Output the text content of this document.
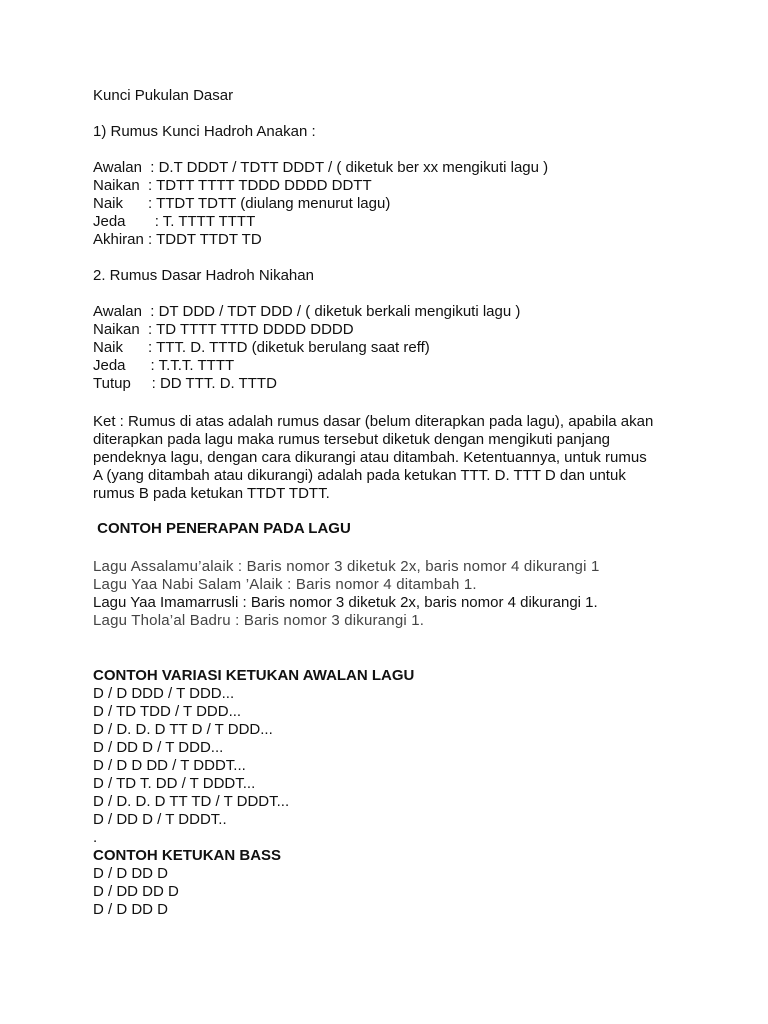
Kunci Pukulan Dasar
1) Rumus Kunci Hadroh Anakan :
Awalan  : D.T DDDT / TDTT DDDT / ( diketuk ber xx mengikuti lagu )
Naikan  : TDTT TTTT TDDD DDDD DDTT
Naik      : TTDT TDTT (diulang menurut lagu)
Jeda       : T. TTTT TTTT
Akhiran : TDDT TTDT TD
2. Rumus Dasar Hadroh Nikahan
Awalan  : DT DDD / TDT DDD / ( diketuk berkali mengikuti lagu )
Naikan  : TD TTTT TTTD DDDD DDDD
Naik      : TTT. D. TTTD (diketuk berulang saat reff)
Jeda      : T.T.T. TTTT
Tutup     : DD TTT. D. TTTD
Ket : Rumus di atas adalah rumus dasar (belum diterapkan pada lagu), apabila akan
diterapkan pada lagu maka rumus tersebut diketuk dengan mengikuti panjang
pendeknya lagu, dengan cara dikurangi atau ditambah. Ketentuannya, untuk rumus
A (yang ditambah atau dikurangi) adalah pada ketukan TTT. D. TTT D dan untuk
rumus B pada ketukan TTDT TDTT.
CONTOH PENERAPAN PADA LAGU
Lagu Assalamu’alaik : Baris nomor 3 diketuk 2x, baris nomor 4 dikurangi 1
Lagu Yaa Nabi Salam ’Alaik : Baris nomor 4 ditambah 1.
Lagu Yaa Imamarrusli : Baris nomor 3 diketuk 2x, baris nomor 4 dikurangi 1.
Lagu Thola’al Badru : Baris nomor 3 dikurangi 1.
CONTOH VARIASI KETUKAN AWALAN LAGU
D / D DDD / T DDD...
D / TD TDD / T DDD...
D / D. D. D TT D / T DDD...
D / DD D / T DDD...
D / D D DD / T DDDT...
D / TD T. DD / T DDDT...
D / D. D. D TT TD / T DDDT...
D / DD D / T DDDT..
.
CONTOH KETUKAN BASS
D / D DD D
D / DD DD D
D / D DD D
